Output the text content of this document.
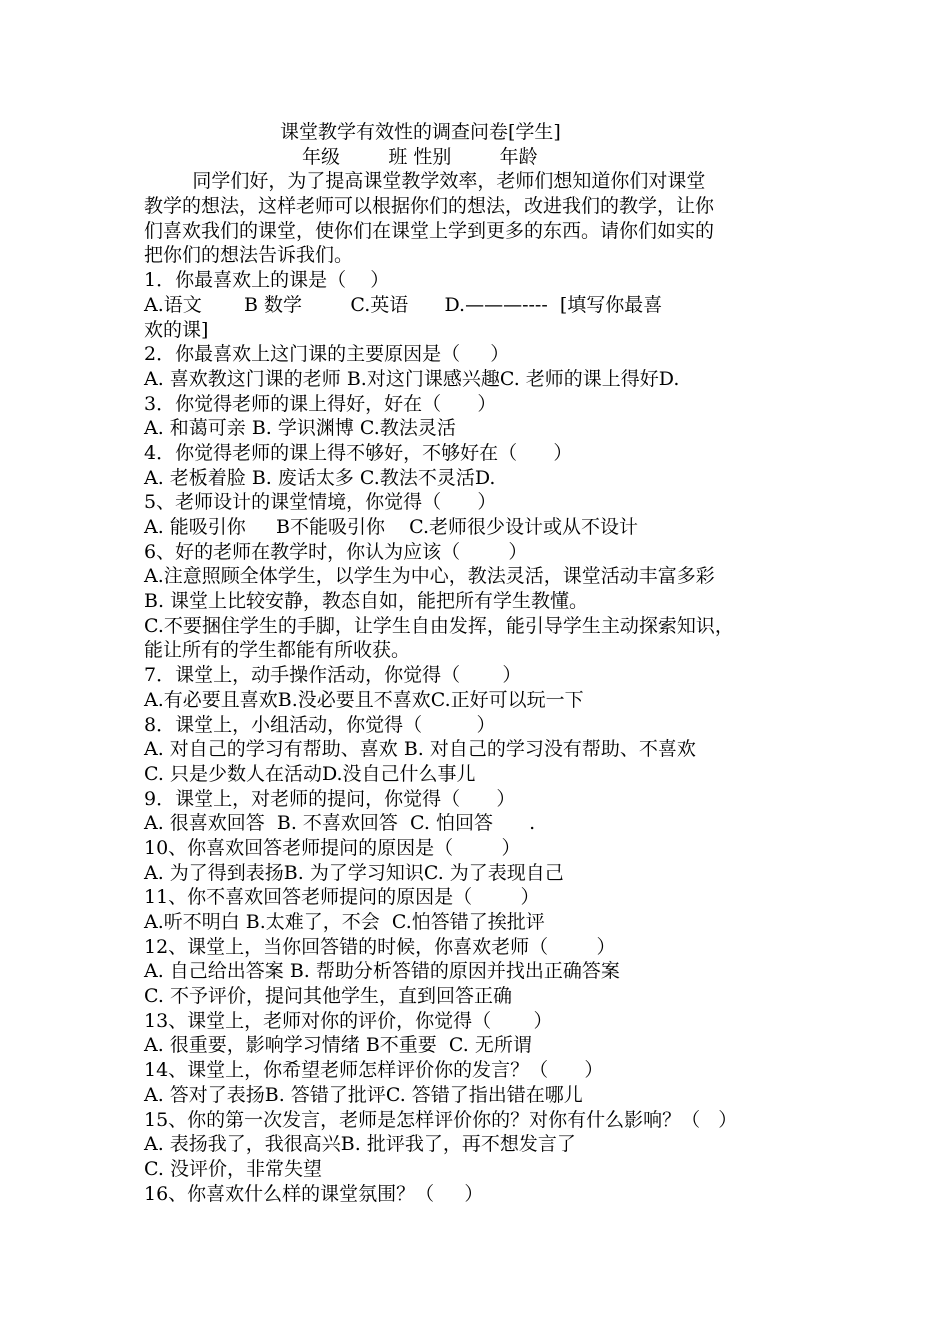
课堂教学有效性的调查问卷[学生]
年级        班 性别        年龄
同学们好，为了提高课堂教学效率，老师们想知道你们对课堂
教学的想法，这样老师可以根据你们的想法，改进我们的教学，让你
们喜欢我们的课堂，使你们在课堂上学到更多的东西。请你们如实的
把你们的想法告诉我们。
1．你最喜欢上的课是（    ）
A.语文       B 数学        C.英语      D.———----  [填写你最喜
欢的课]
2．你最喜欢上这门课的主要原因是（     ）
A. 喜欢教这门课的老师 B.对这门课感兴趣C. 老师的课上得好D.
3．你觉得老师的课上得好，好在（      ）
A. 和蔼可亲 B. 学识渊博 C.教法灵活
4．你觉得老师的课上得不够好，不够好在（      ）
A. 老板着脸 B. 废话太多 C.教法不灵活D.
5、老师设计的课堂情境，你觉得（      ）
A. 能吸引你     B不能吸引你    C.老师很少设计或从不设计
6、好的老师在教学时，你认为应该（        ）
A.注意照顾全体学生，以学生为中心，教法灵活，课堂活动丰富多彩
B. 课堂上比较安静，教态自如，能把所有学生教懂。
C.不要捆住学生的手脚，让学生自由发挥，能引导学生主动探索知识，
能让所有的学生都能有所收获。
7．课堂上，动手操作活动，你觉得（       ）
A.有必要且喜欢B.没必要且不喜欢C.正好可以玩一下
8．课堂上，小组活动，你觉得（         ）
A. 对自己的学习有帮助、喜欢 B. 对自己的学习没有帮助、不喜欢
C. 只是少数人在活动D.没自己什么事儿
9．课堂上，对老师的提问，你觉得（      ）
A. 很喜欢回答  B. 不喜欢回答  C. 怕回答      .
10、你喜欢回答老师提问的原因是（        ）
A. 为了得到表扬B. 为了学习知识C. 为了表现自己
11、你不喜欢回答老师提问的原因是（        ）
A.听不明白 B.太难了，不会  C.怕答错了挨批评
12、课堂上，当你回答错的时候，你喜欢老师（        ）
A. 自己给出答案 B. 帮助分析答错的原因并找出正确答案
C. 不予评价，提问其他学生，直到回答正确
13、课堂上，老师对你的评价，你觉得（       ）
A. 很重要，影响学习情绪 B不重要  C. 无所谓
14、课堂上，你希望老师怎样评价你的发言？（      ）
A. 答对了表扬B. 答错了批评C. 答错了指出错在哪儿
15、你的第一次发言，老师是怎样评价你的？对你有什么影响？（   ）
A. 表扬我了，我很高兴B. 批评我了，再不想发言了
C. 没评价，非常失望
16、你喜欢什么样的课堂氛围？（     ）
